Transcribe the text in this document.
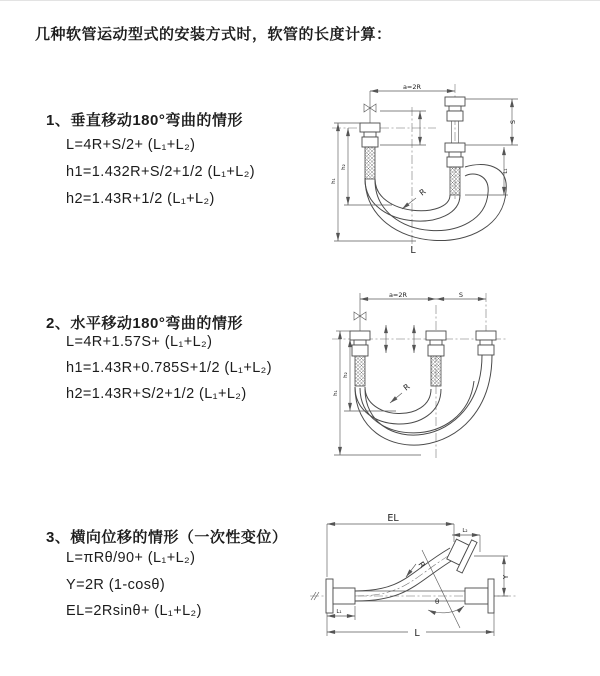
几种软管运动型式的安装方式时，软管的长度计算：
1、垂直移动180°弯曲的情形
L=4R+S/2+ (L₁+L₂)
h1=1.432R+S/2+1/2 (L₁+L₂)
h2=1.43R+1/2 (L₁+L₂)
2、水平移动180°弯曲的情形
L=4R+1.57S+ (L₁+L₂)
h1=1.43R+0.785S+1/2 (L₁+L₂)
h2=1.43R+S/2+1/2 (L₁+L₂)
3、横向位移的情形（一次性变位）
L=πRθ/90+ (L₁+L₂)
Y=2R (1-cosθ)
EL=2Rsinθ+ (L₁+L₂)
a=2R
S
L₁
h₁
h₂
R
L
a=2R	S
h₁
h₂
R
θ
R
EL
L₂
Y
L₁
L
